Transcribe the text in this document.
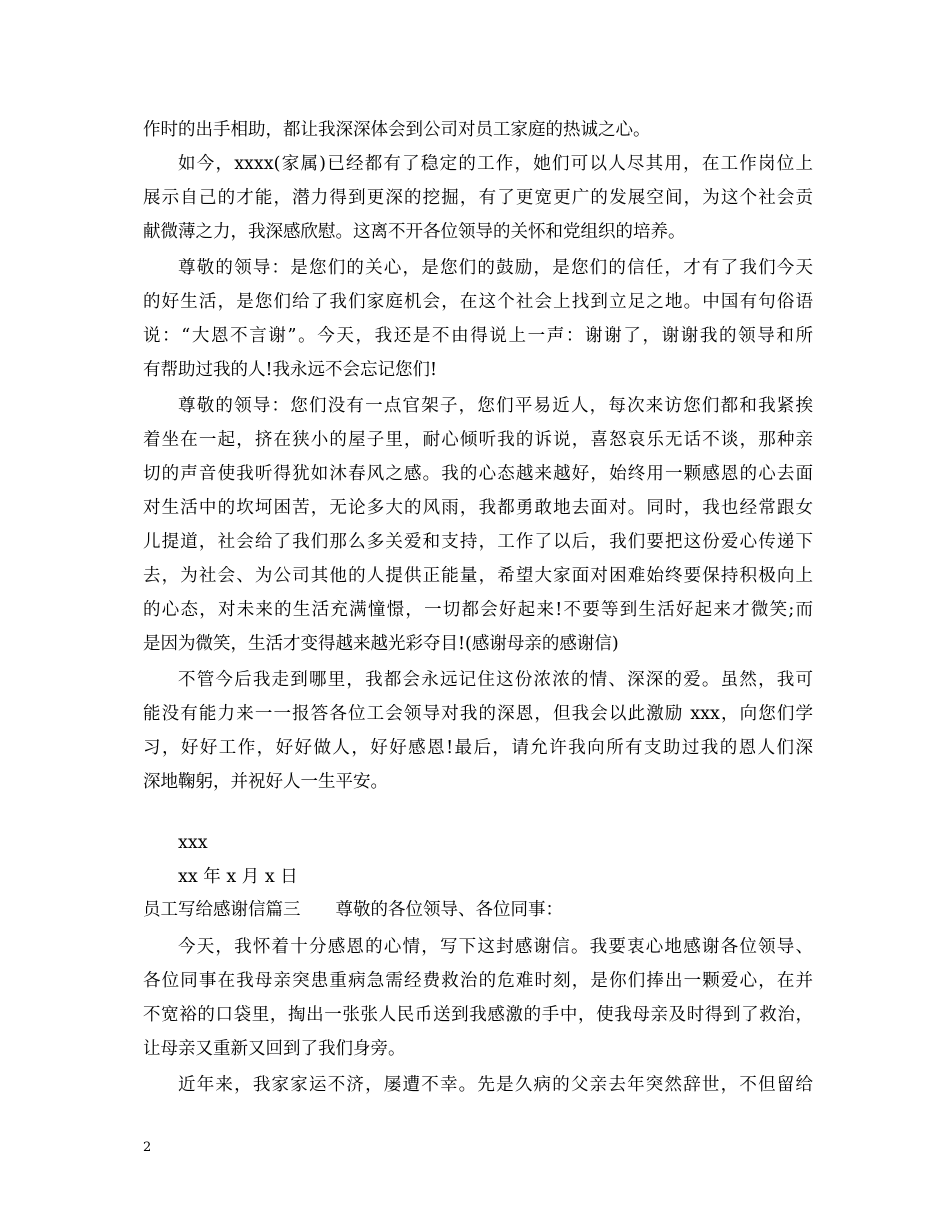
作时的出手相助，都让我深深体会到公司对员工家庭的热诚之心。
如今，xxxx(家属)已经都有了稳定的工作，她们可以人尽其用，在工作岗位上
展示自己的才能，潜力得到更深的挖掘，有了更宽更广的发展空间，为这个社会贡
献微薄之力，我深感欣慰。这离不开各位领导的关怀和党组织的培养。
尊敬的领导：是您们的关心，是您们的鼓励，是您们的信任，才有了我们今天
的好生活，是您们给了我们家庭机会，在这个社会上找到立足之地。中国有句俗语
说：“大恩不言谢”。今天，我还是不由得说上一声：谢谢了，谢谢我的领导和所
有帮助过我的人!我永远不会忘记您们!
尊敬的领导：您们没有一点官架子，您们平易近人，每次来访您们都和我紧挨
着坐在一起，挤在狭小的屋子里，耐心倾听我的诉说，喜怒哀乐无话不谈，那种亲
切的声音使我听得犹如沐春风之感。我的心态越来越好，始终用一颗感恩的心去面
对生活中的坎坷困苦，无论多大的风雨，我都勇敢地去面对。同时，我也经常跟女
儿提道，社会给了我们那么多关爱和支持，工作了以后，我们要把这份爱心传递下
去，为社会、为公司其他的人提供正能量，希望大家面对困难始终要保持积极向上
的心态，对未来的生活充满憧憬，一切都会好起来!不要等到生活好起来才微笑;而
是因为微笑，生活才变得越来越光彩夺目!(感谢母亲的感谢信)
不管今后我走到哪里，我都会永远记住这份浓浓的情、深深的爱。虽然，我可
能没有能力来一一报答各位工会领导对我的深恩，但我会以此激励 xxx，向您们学
习，好好工作，好好做人，好好感恩!最后，请允许我向所有支助过我的恩人们深
深地鞠躬，并祝好人一生平安。
xxx
xx 年 x 月 x 日
员工写给感谢信篇三　　尊敬的各位领导、各位同事：
今天，我怀着十分感恩的心情，写下这封感谢信。我要衷心地感谢各位领导、
各位同事在我母亲突患重病急需经费救治的危难时刻，是你们捧出一颗爱心，在并
不宽裕的口袋里，掏出一张张人民币送到我感激的手中，使我母亲及时得到了救治，
让母亲又重新又回到了我们身旁。
近年来，我家家运不济，屡遭不幸。先是久病的父亲去年突然辞世，不但留给
2
